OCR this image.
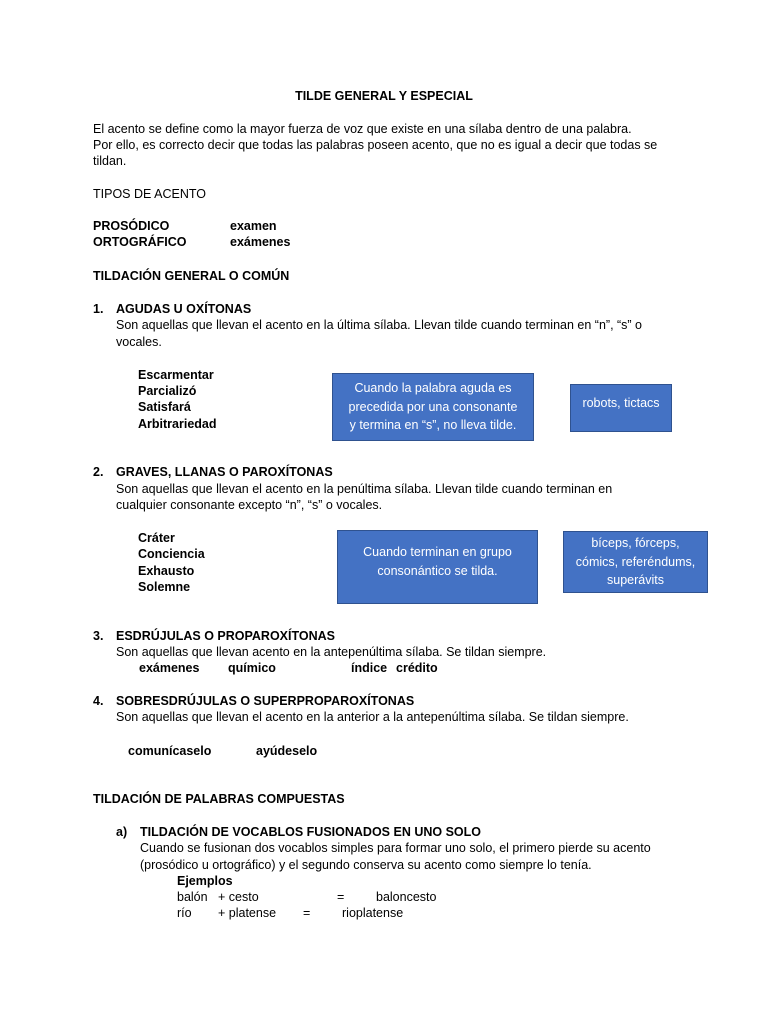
TILDE GENERAL Y ESPECIAL
El acento se define como la mayor fuerza de voz que existe en una sílaba dentro de una palabra.
Por ello, es correcto decir que todas las palabras poseen acento, que no es igual a decir que todas se
tildan.
TIPOS DE ACENTO
PROSÓDICO	examen
ORTOGRÁFICO	exámenes
TILDACIÓN GENERAL O COMÚN
1. AGUDAS U OXÍTONAS
Son aquellas que llevan el acento en la última sílaba. Llevan tilde cuando terminan en “n”, “s” o
vocales.
Escarmentar
Parcializó
Satisfará
Arbitrariedad
Cuando la palabra aguda es
precedida por una consonante
y termina en “s”, no lleva tilde.
robots, tictacs
2. GRAVES, LLANAS O PAROXÍTONAS
Son aquellas que llevan el acento en la penúltima sílaba. Llevan tilde cuando terminan en
cualquier consonante excepto “n”, “s” o vocales.
Cráter
Conciencia
Exhausto
Solemne
Cuando terminan en grupo
consonántico se tilda.
bíceps, fórceps,
cómics, referéndums,
superávits
3. ESDRÚJULAS O PROPAROXÍTONAS
Son aquellas que llevan acento en la antepenúltima sílaba. Se tildan siempre.
exámenes químico	índice crédito
4. SOBRESDRÚJULAS O SUPERPROPAROXÍTONAS
Son aquellas que llevan el acento en la anterior a la antepenúltima sílaba. Se tildan siempre.
comunícaselo	ayúdeselo
TILDACIÓN DE PALABRAS COMPUESTAS
a) TILDACIÓN DE VOCABLOS FUSIONADOS EN UNO SOLO
Cuando se fusionan dos vocablos simples para formar uno solo, el primero pierde su acento
(prosódico u ortográfico) y el segundo conserva su acento como siempre lo tenía.
Ejemplos
balón + cesto	=	baloncesto
río + platense =	rioplatense
